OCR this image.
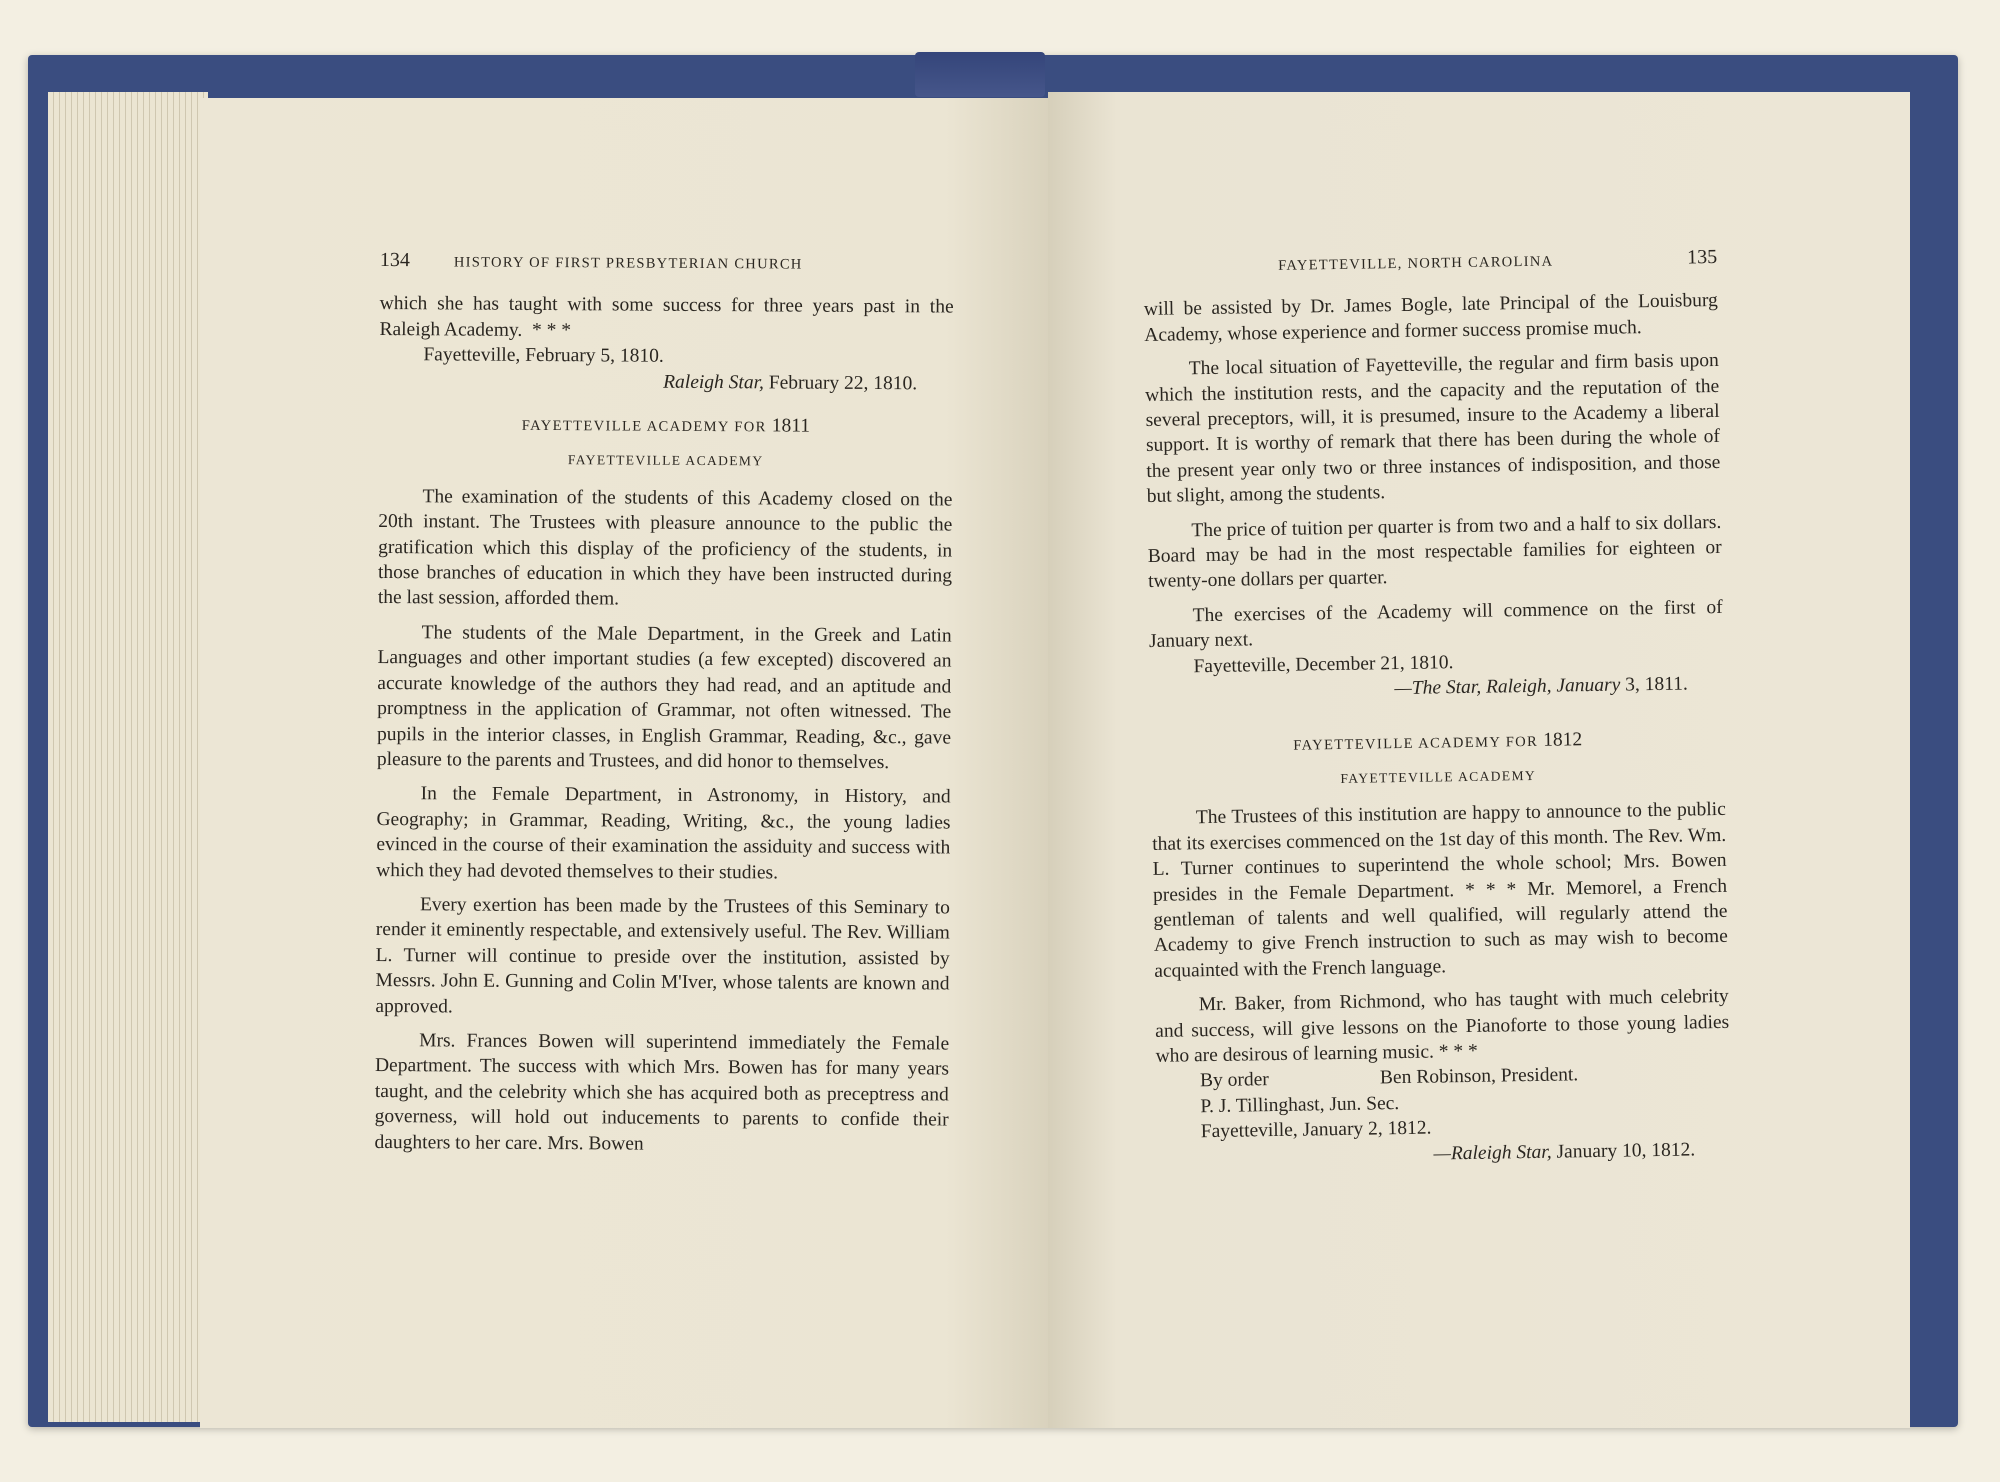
134	HISTORY OF FIRST PRESBYTERIAN CHURCH

which she has taught with some success for three years past in the Raleigh Academy. * * *

Fayetteville, February 5, 1810.

Raleigh Star, February 22, 1810.

FAYETTEVILLE ACADEMY FOR 1811
FAYETTEVILLE ACADEMY

The examination of the students of this Academy closed on the 20th instant. The Trustees with pleasure announce to the public the gratification which this display of the proficiency of the students, in those branches of education in which they have been instructed during the last session, afforded them.

The students of the Male Department, in the Greek and Latin Languages and other important studies (a few excepted) discovered an accurate knowledge of the authors they had read, and an aptitude and promptness in the application of Grammar, not often witnessed. The pupils in the interior classes, in English Grammar, Reading, &c., gave pleasure to the parents and Trustees, and did honor to themselves.

In the Female Department, in Astronomy, in History, and Geography; in Grammar, Reading, Writing, &c., the young ladies evinced in the course of their examination the assiduity and success with which they had devoted themselves to their studies.

Every exertion has been made by the Trustees of this Seminary to render it eminently respectable, and extensively useful. The Rev. William L. Turner will continue to preside over the institution, assisted by Messrs. John E. Gunning and Colin M'Iver, whose talents are known and approved.

Mrs. Frances Bowen will superintend immediately the Female Department. The success with which Mrs. Bowen has for many years taught, and the celebrity which she has acquired both as preceptress and governess, will hold out inducements to parents to confide their daughters to her care. Mrs. Bowen

FAYETTEVILLE, NORTH CAROLINA	135

will be assisted by Dr. James Bogle, late Principal of the Louisburg Academy, whose experience and former success promise much.

The local situation of Fayetteville, the regular and firm basis upon which the institution rests, and the capacity and the reputation of the several preceptors, will, it is presumed, insure to the Academy a liberal support. It is worthy of remark that there has been during the whole of the present year only two or three instances of indisposition, and those but slight, among the students.

The price of tuition per quarter is from two and a half to six dollars. Board may be had in the most respectable families for eighteen or twenty-one dollars per quarter.

The exercises of the Academy will commence on the first of January next.

Fayetteville, December 21, 1810.

—The Star, Raleigh, January 3, 1811.

FAYETTEVILLE ACADEMY FOR 1812
FAYETTEVILLE ACADEMY

The Trustees of this institution are happy to announce to the public that its exercises commenced on the 1st day of this month. The Rev. Wm. L. Turner continues to superintend the whole school; Mrs. Bowen presides in the Female Department. * * * Mr. Memorel, a French gentleman of talents and well qualified, will regularly attend the Academy to give French instruction to such as may wish to become acquainted with the French language.

Mr. Baker, from Richmond, who has taught with much celebrity and success, will give lessons on the Pianoforte to those young ladies who are desirous of learning music. * * *

By order	Ben Robinson, President.

P. J. Tillinghast, Jun. Sec.

Fayetteville, January 2, 1812.

—Raleigh Star, January 10, 1812.
